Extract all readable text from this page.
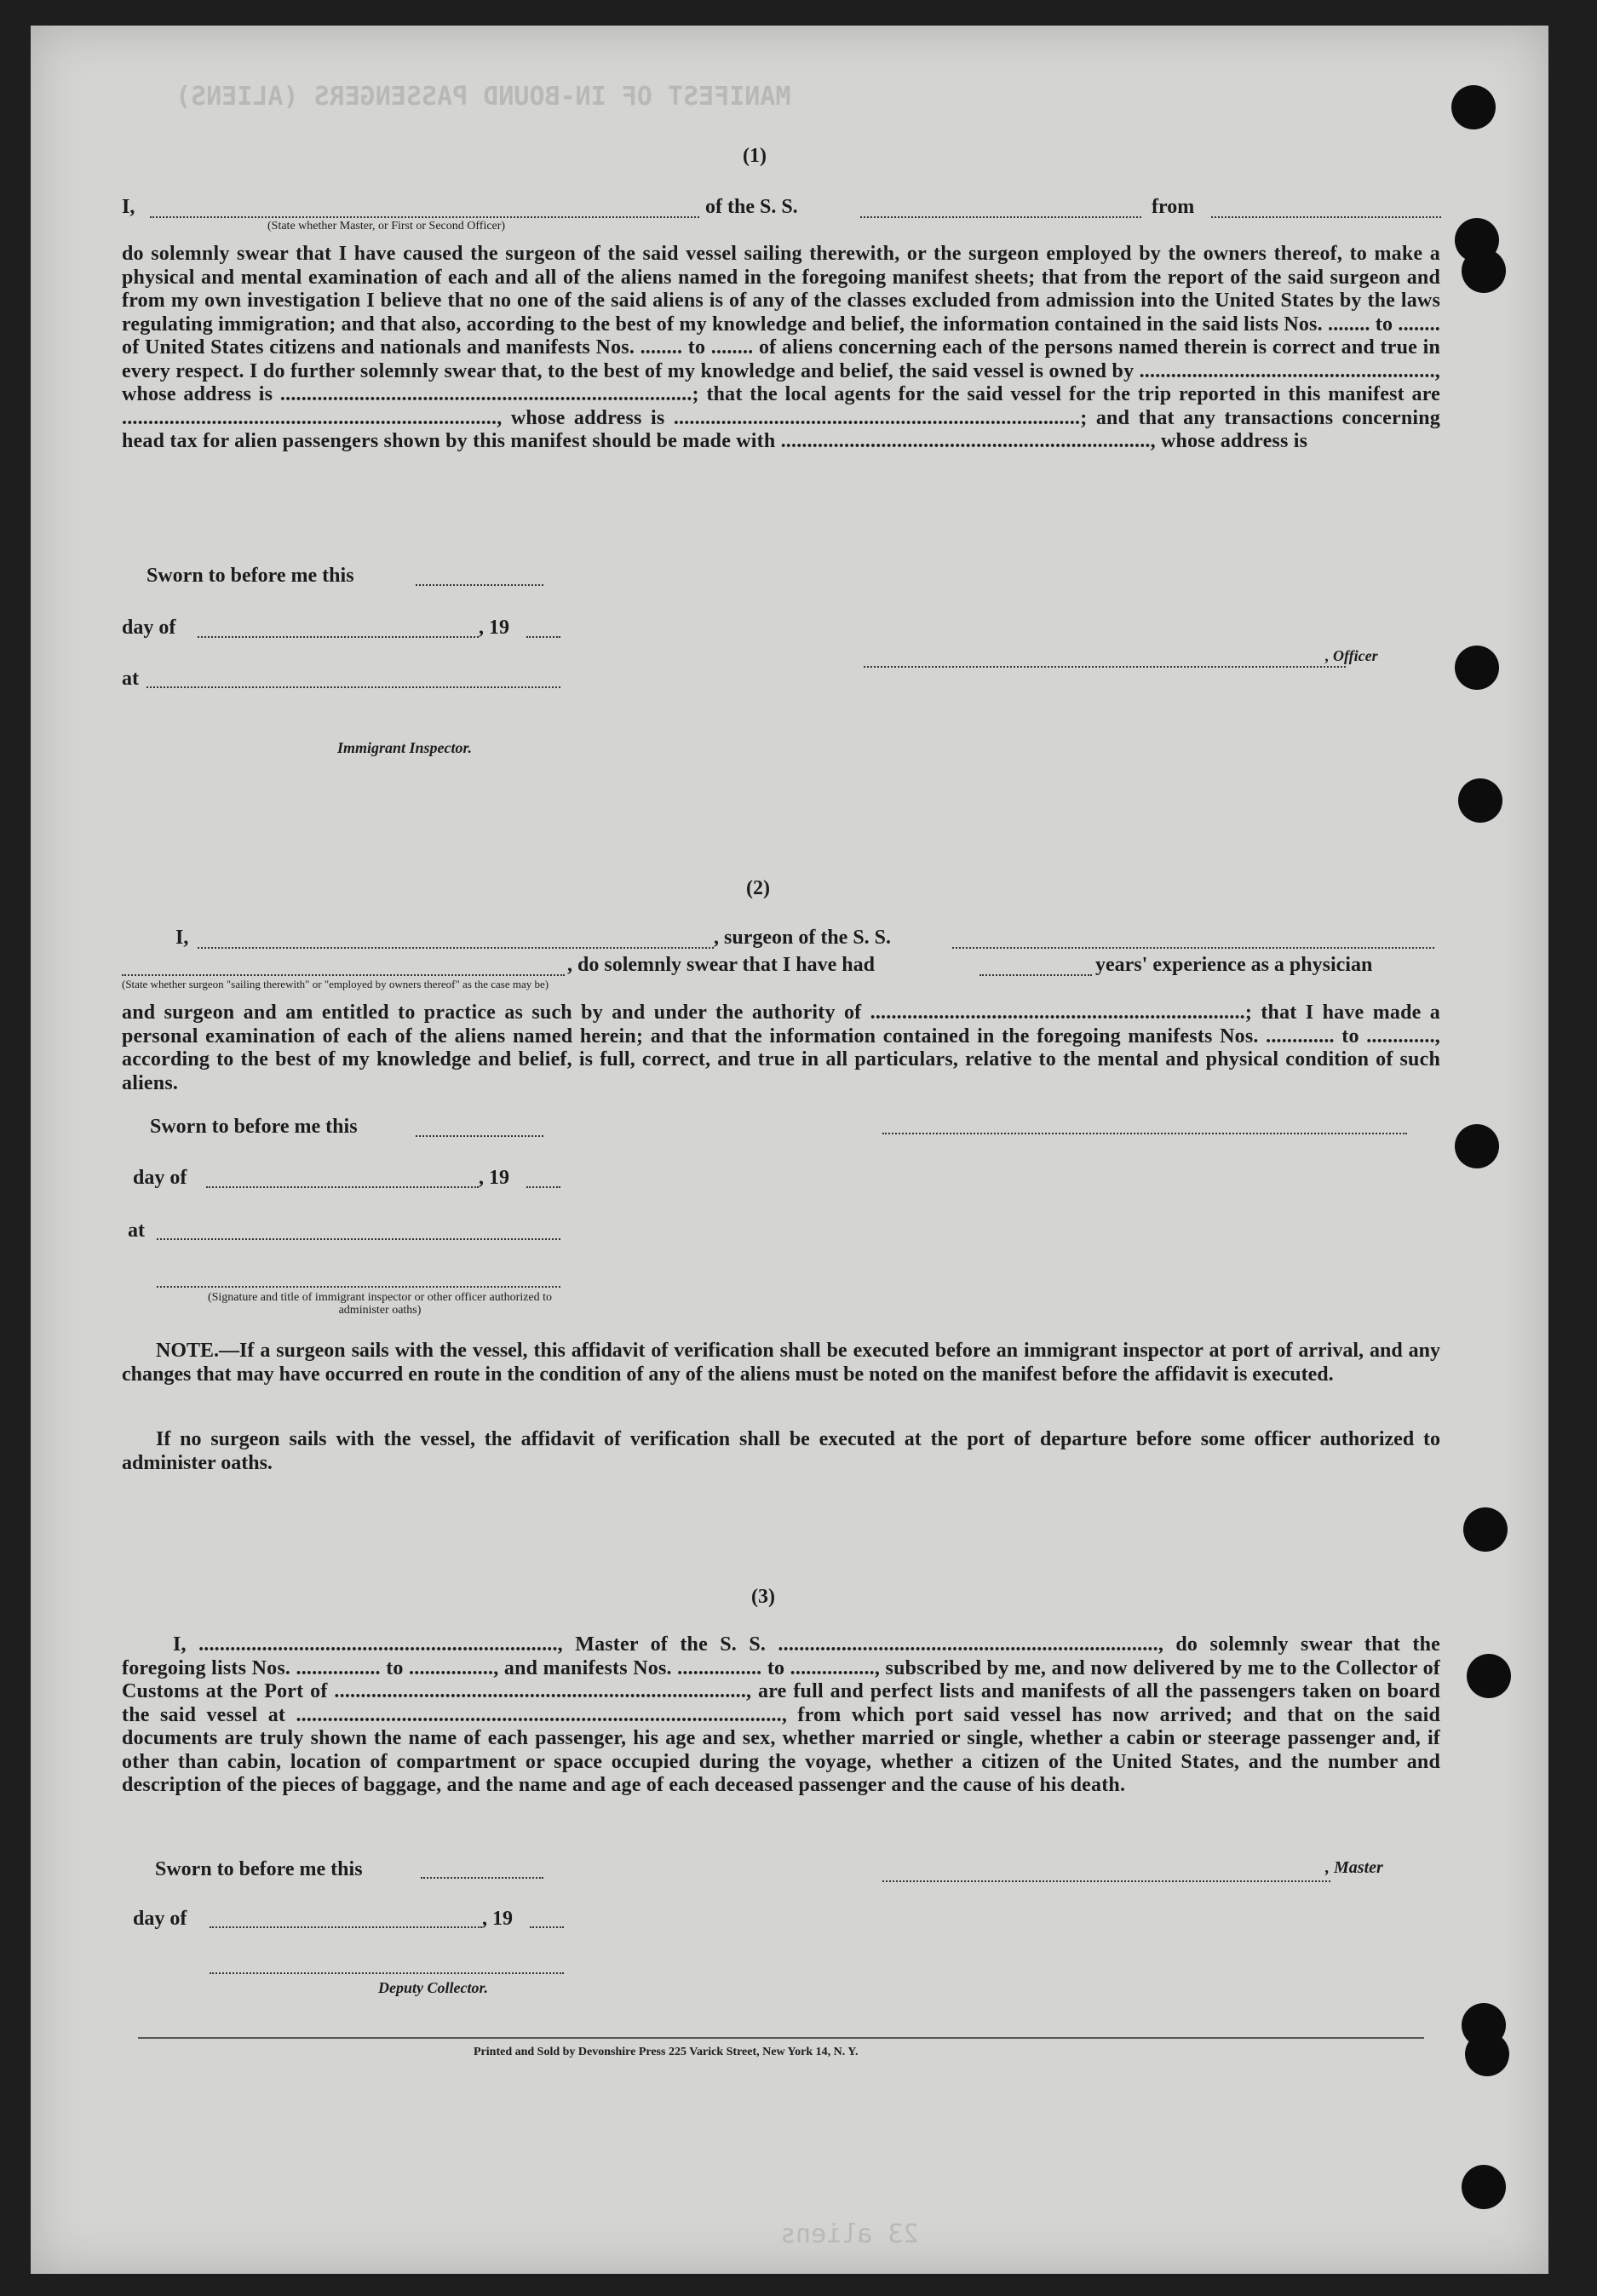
MANIFEST OF IN-BOUND PASSENGERS (ALIENS)
23 aliens
(1)
I,	of the S. S.	from
(State whether Master, or First or Second Officer)
do solemnly swear that I have caused the surgeon of the said vessel sailing therewith, or the surgeon employed by the owners thereof, to make a physical and mental examination of each and all of the aliens named in the foregoing manifest sheets; that from the report of the said surgeon and from my own investigation I believe that no one of the said aliens is of any of the classes excluded from admission into the United States by the laws regulating immigration; and that also, according to the best of my knowledge and belief, the information contained in the said lists Nos. ........ to ........ of United States citizens and nationals and manifests Nos. ........ to ........ of aliens concerning each of the persons named therein is correct and true in every respect. I do further solemnly swear that, to the best of my knowledge and belief, the said vessel is owned by ........................................................, whose address is ..............................................................................; that the local agents for the said vessel for the trip reported in this manifest are ......................................................................., whose address is .............................................................................; and that any transactions concerning head tax for alien passengers shown by this manifest should be made with ......................................................................, whose address is
Sworn to before me this
day of	, 19
at
, Officer
Immigrant Inspector.
(2)
I,	, surgeon of the S. S.
, do solemnly swear that I have had	years' experience as a physician
(State whether surgeon "sailing therewith" or "employed by owners thereof" as the case may be)
and surgeon and am entitled to practice as such by and under the authority of .......................................................................; that I have made a personal examination of each of the aliens named herein; and that the information contained in the foregoing manifests Nos. ............. to ............., according to the best of my knowledge and belief, is full, correct, and true in all particulars, relative to the mental and physical condition of such aliens.
Sworn to before me this
day of	, 19
at
(Signature and title of immigrant inspector or other officer authorized to administer oaths)
NOTE.—If a surgeon sails with the vessel, this affidavit of verification shall be executed before an immigrant inspector at port of arrival, and any changes that may have occurred en route in the condition of any of the aliens must be noted on the manifest before the affidavit is executed.
If no surgeon sails with the vessel, the affidavit of verification shall be executed at the port of departure before some officer authorized to administer oaths.
(3)
I, ...................................................................., Master of the S. S. ........................................................................, do solemnly swear that the foregoing lists Nos. ................ to ................, and manifests Nos. ................ to ................, subscribed by me, and now delivered by me to the Collector of Customs at the Port of .............................................................................., are full and perfect lists and manifests of all the passengers taken on board the said vessel at ............................................................................................, from which port said vessel has now arrived; and that on the said documents are truly shown the name of each passenger, his age and sex, whether married or single, whether a cabin or steerage passenger and, if other than cabin, location of compartment or space occupied during the voyage, whether a citizen of the United States, and the number and description of the pieces of baggage, and the name and age of each deceased passenger and the cause of his death.
Sworn to before me this	, Master
day of	, 19
Deputy Collector.
Printed and Sold by Devonshire Press 225 Varick Street, New York 14, N. Y.
